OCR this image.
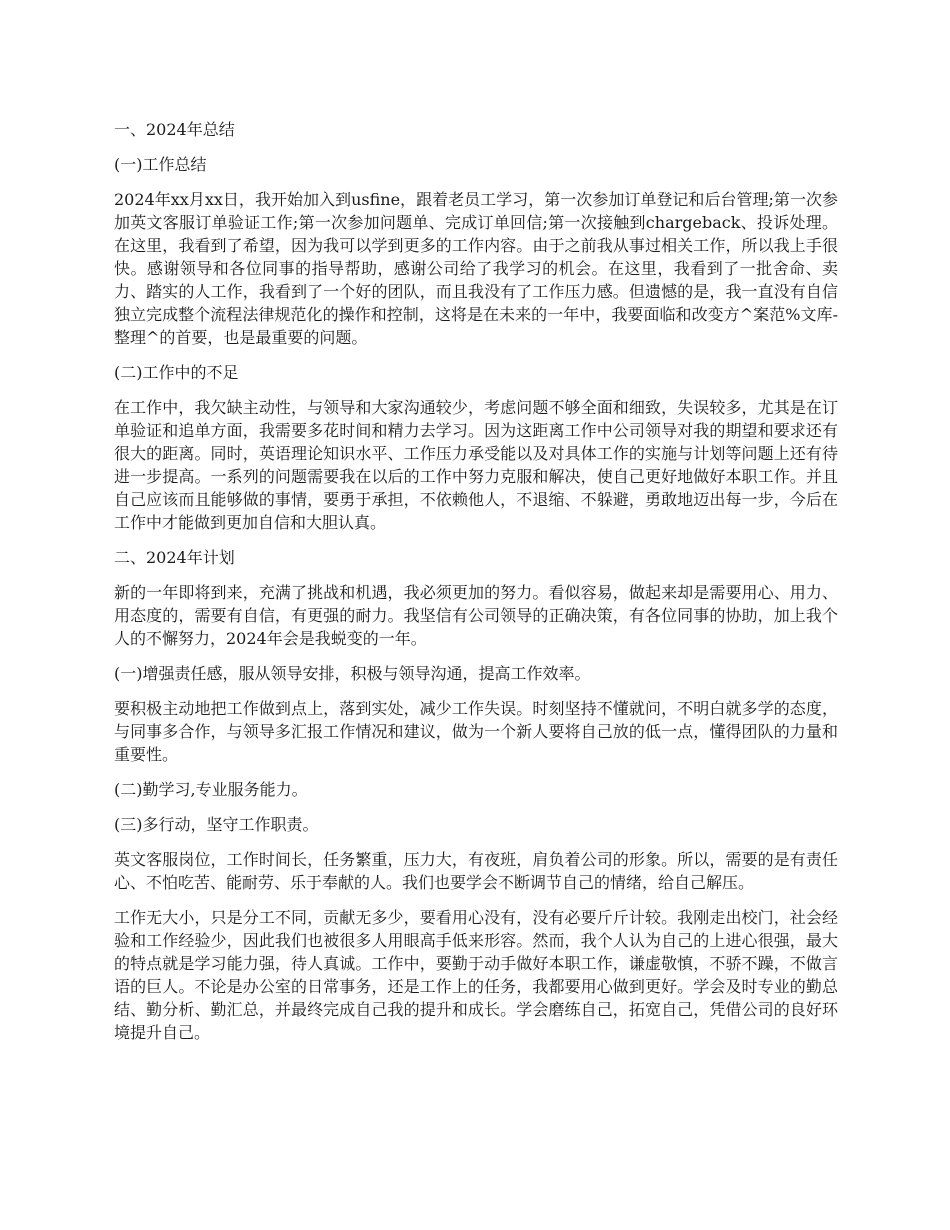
一、2024年总结

(一)工作总结

2024年xx月xx日，我开始加入到usfine，跟着老员工学习，第一次参加订单登记和后台管理;第一次参加英文客服订单验证工作;第一次参加问题单、完成订单回信;第一次接触到chargeback、投诉处理。在这里，我看到了希望，因为我可以学到更多的工作内容。由于之前我从事过相关工作，所以我上手很快。感谢领导和各位同事的指导帮助，感谢公司给了我学习的机会。在这里，我看到了一批舍命、卖力、踏实的人工作，我看到了一个好的团队，而且我没有了工作压力感。但遗憾的是，我一直没有自信独立完成整个流程法律规范化的操作和控制，这将是在未来的一年中，我要面临和改变方^案范%文库-整理^的首要，也是最重要的问题。

(二)工作中的不足

在工作中，我欠缺主动性，与领导和大家沟通较少，考虑问题不够全面和细致，失误较多，尤其是在订单验证和追单方面，我需要多花时间和精力去学习。因为这距离工作中公司领导对我的期望和要求还有很大的距离。同时，英语理论知识水平、工作压力承受能以及对具体工作的实施与计划等问题上还有待进一步提高。一系列的问题需要我在以后的工作中努力克服和解决，使自己更好地做好本职工作。并且自己应该而且能够做的事情，要勇于承担，不依赖他人，不退缩、不躲避，勇敢地迈出每一步，今后在工作中才能做到更加自信和大胆认真。

二、2024年计划

新的一年即将到来，充满了挑战和机遇，我必须更加的努力。看似容易，做起来却是需要用心、用力、用态度的，需要有自信，有更强的耐力。我坚信有公司领导的正确决策，有各位同事的协助，加上我个人的不懈努力，2024年会是我蜕变的一年。

(一)增强责任感，服从领导安排，积极与领导沟通，提高工作效率。

要积极主动地把工作做到点上，落到实处，减少工作失误。时刻坚持不懂就问，不明白就多学的态度，与同事多合作，与领导多汇报工作情况和建议，做为一个新人要将自己放的低一点，懂得团队的力量和重要性。

(二)勤学习,专业服务能力。

(三)多行动，坚守工作职责。

英文客服岗位，工作时间长，任务繁重，压力大，有夜班，肩负着公司的形象。所以，需要的是有责任心、不怕吃苦、能耐劳、乐于奉献的人。我们也要学会不断调节自己的情绪，给自己解压。

工作无大小，只是分工不同，贡献无多少，要看用心没有，没有必要斤斤计较。我刚走出校门，社会经验和工作经验少，因此我们也被很多人用眼高手低来形容。然而，我个人认为自己的上进心很强，最大的特点就是学习能力强，待人真诚。工作中，要勤于动手做好本职工作，谦虚敬慎，不骄不躁，不做言语的巨人。不论是办公室的日常事务，还是工作上的任务，我都要用心做到更好。学会及时专业的勤总结、勤分析、勤汇总，并最终完成自己我的提升和成长。学会磨练自己，拓宽自己，凭借公司的良好环境提升自己。
